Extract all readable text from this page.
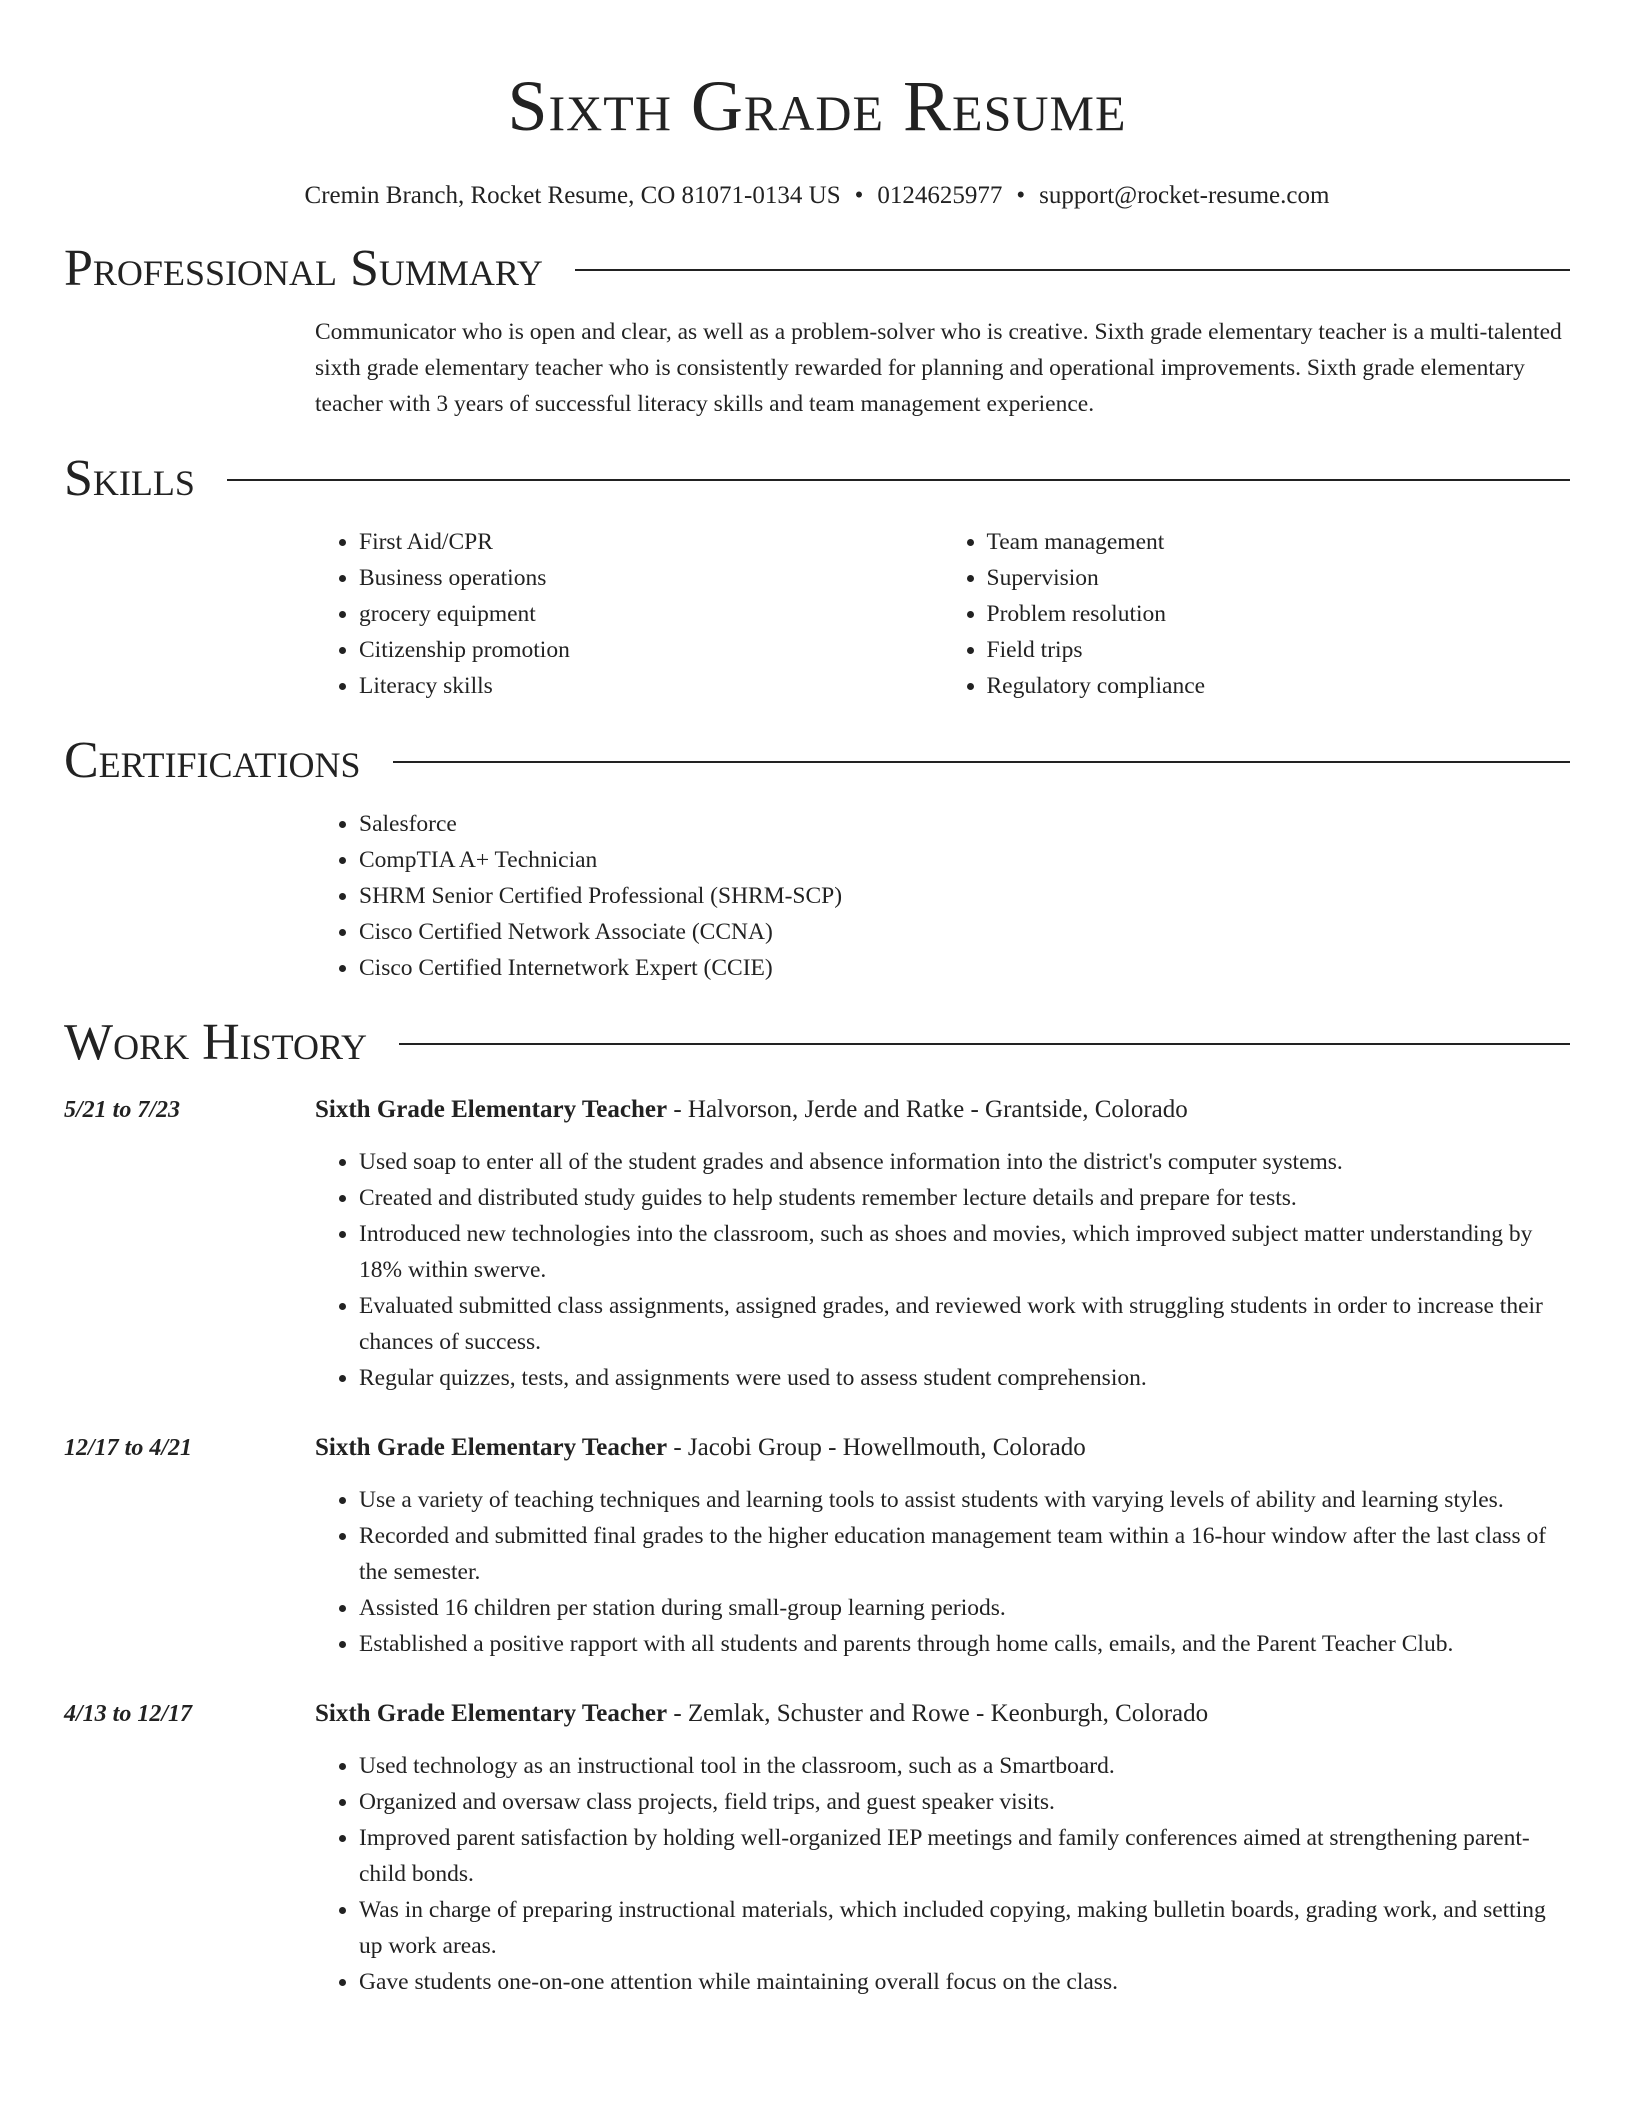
Sixth Grade Resume
Cremin Branch, Rocket Resume, CO 81071-0134 US • 0124625977 • support@rocket-resume.com
Professional Summary

Communicator who is open and clear, as well as a problem-solver who is creative. Sixth grade elementary teacher is a multi-talented sixth grade elementary teacher who is consistently rewarded for planning and operational improvements. Sixth grade elementary teacher with 3 years of successful literacy skills and team management experience.

Skills
• First Aid/CPR
• Business operations
• grocery equipment
• Citizenship promotion
• Literacy skills
• Team management
• Supervision
• Problem resolution
• Field trips
• Regulatory compliance
Certifications
• Salesforce
• CompTIA A+ Technician
• SHRM Senior Certified Professional (SHRM-SCP)
• Cisco Certified Network Associate (CCNA)
• Cisco Certified Internetwork Expert (CCIE)
Work History
5/21 to 7/23	Sixth Grade Elementary Teacher - Halvorson, Jerde and Ratke - Grantside, Colorado
• Used soap to enter all of the student grades and absence information into the district's computer systems.
• Created and distributed study guides to help students remember lecture details and prepare for tests.
• Introduced new technologies into the classroom, such as shoes and movies, which improved subject matter understanding by 18% within swerve.
• Evaluated submitted class assignments, assigned grades, and reviewed work with struggling students in order to increase their chances of success.
• Regular quizzes, tests, and assignments were used to assess student comprehension.
12/17 to 4/21	Sixth Grade Elementary Teacher - Jacobi Group - Howellmouth, Colorado
• Use a variety of teaching techniques and learning tools to assist students with varying levels of ability and learning styles.
• Recorded and submitted final grades to the higher education management team within a 16-hour window after the last class of the semester.
• Assisted 16 children per station during small-group learning periods.
• Established a positive rapport with all students and parents through home calls, emails, and the Parent Teacher Club.
4/13 to 12/17	Sixth Grade Elementary Teacher - Zemlak, Schuster and Rowe - Keonburgh, Colorado
• Used technology as an instructional tool in the classroom, such as a Smartboard.
• Organized and oversaw class projects, field trips, and guest speaker visits.
• Improved parent satisfaction by holding well-organized IEP meetings and family conferences aimed at strengthening parent-child bonds.
• Was in charge of preparing instructional materials, which included copying, making bulletin boards, grading work, and setting up work areas.
• Gave students one-on-one attention while maintaining overall focus on the class.
